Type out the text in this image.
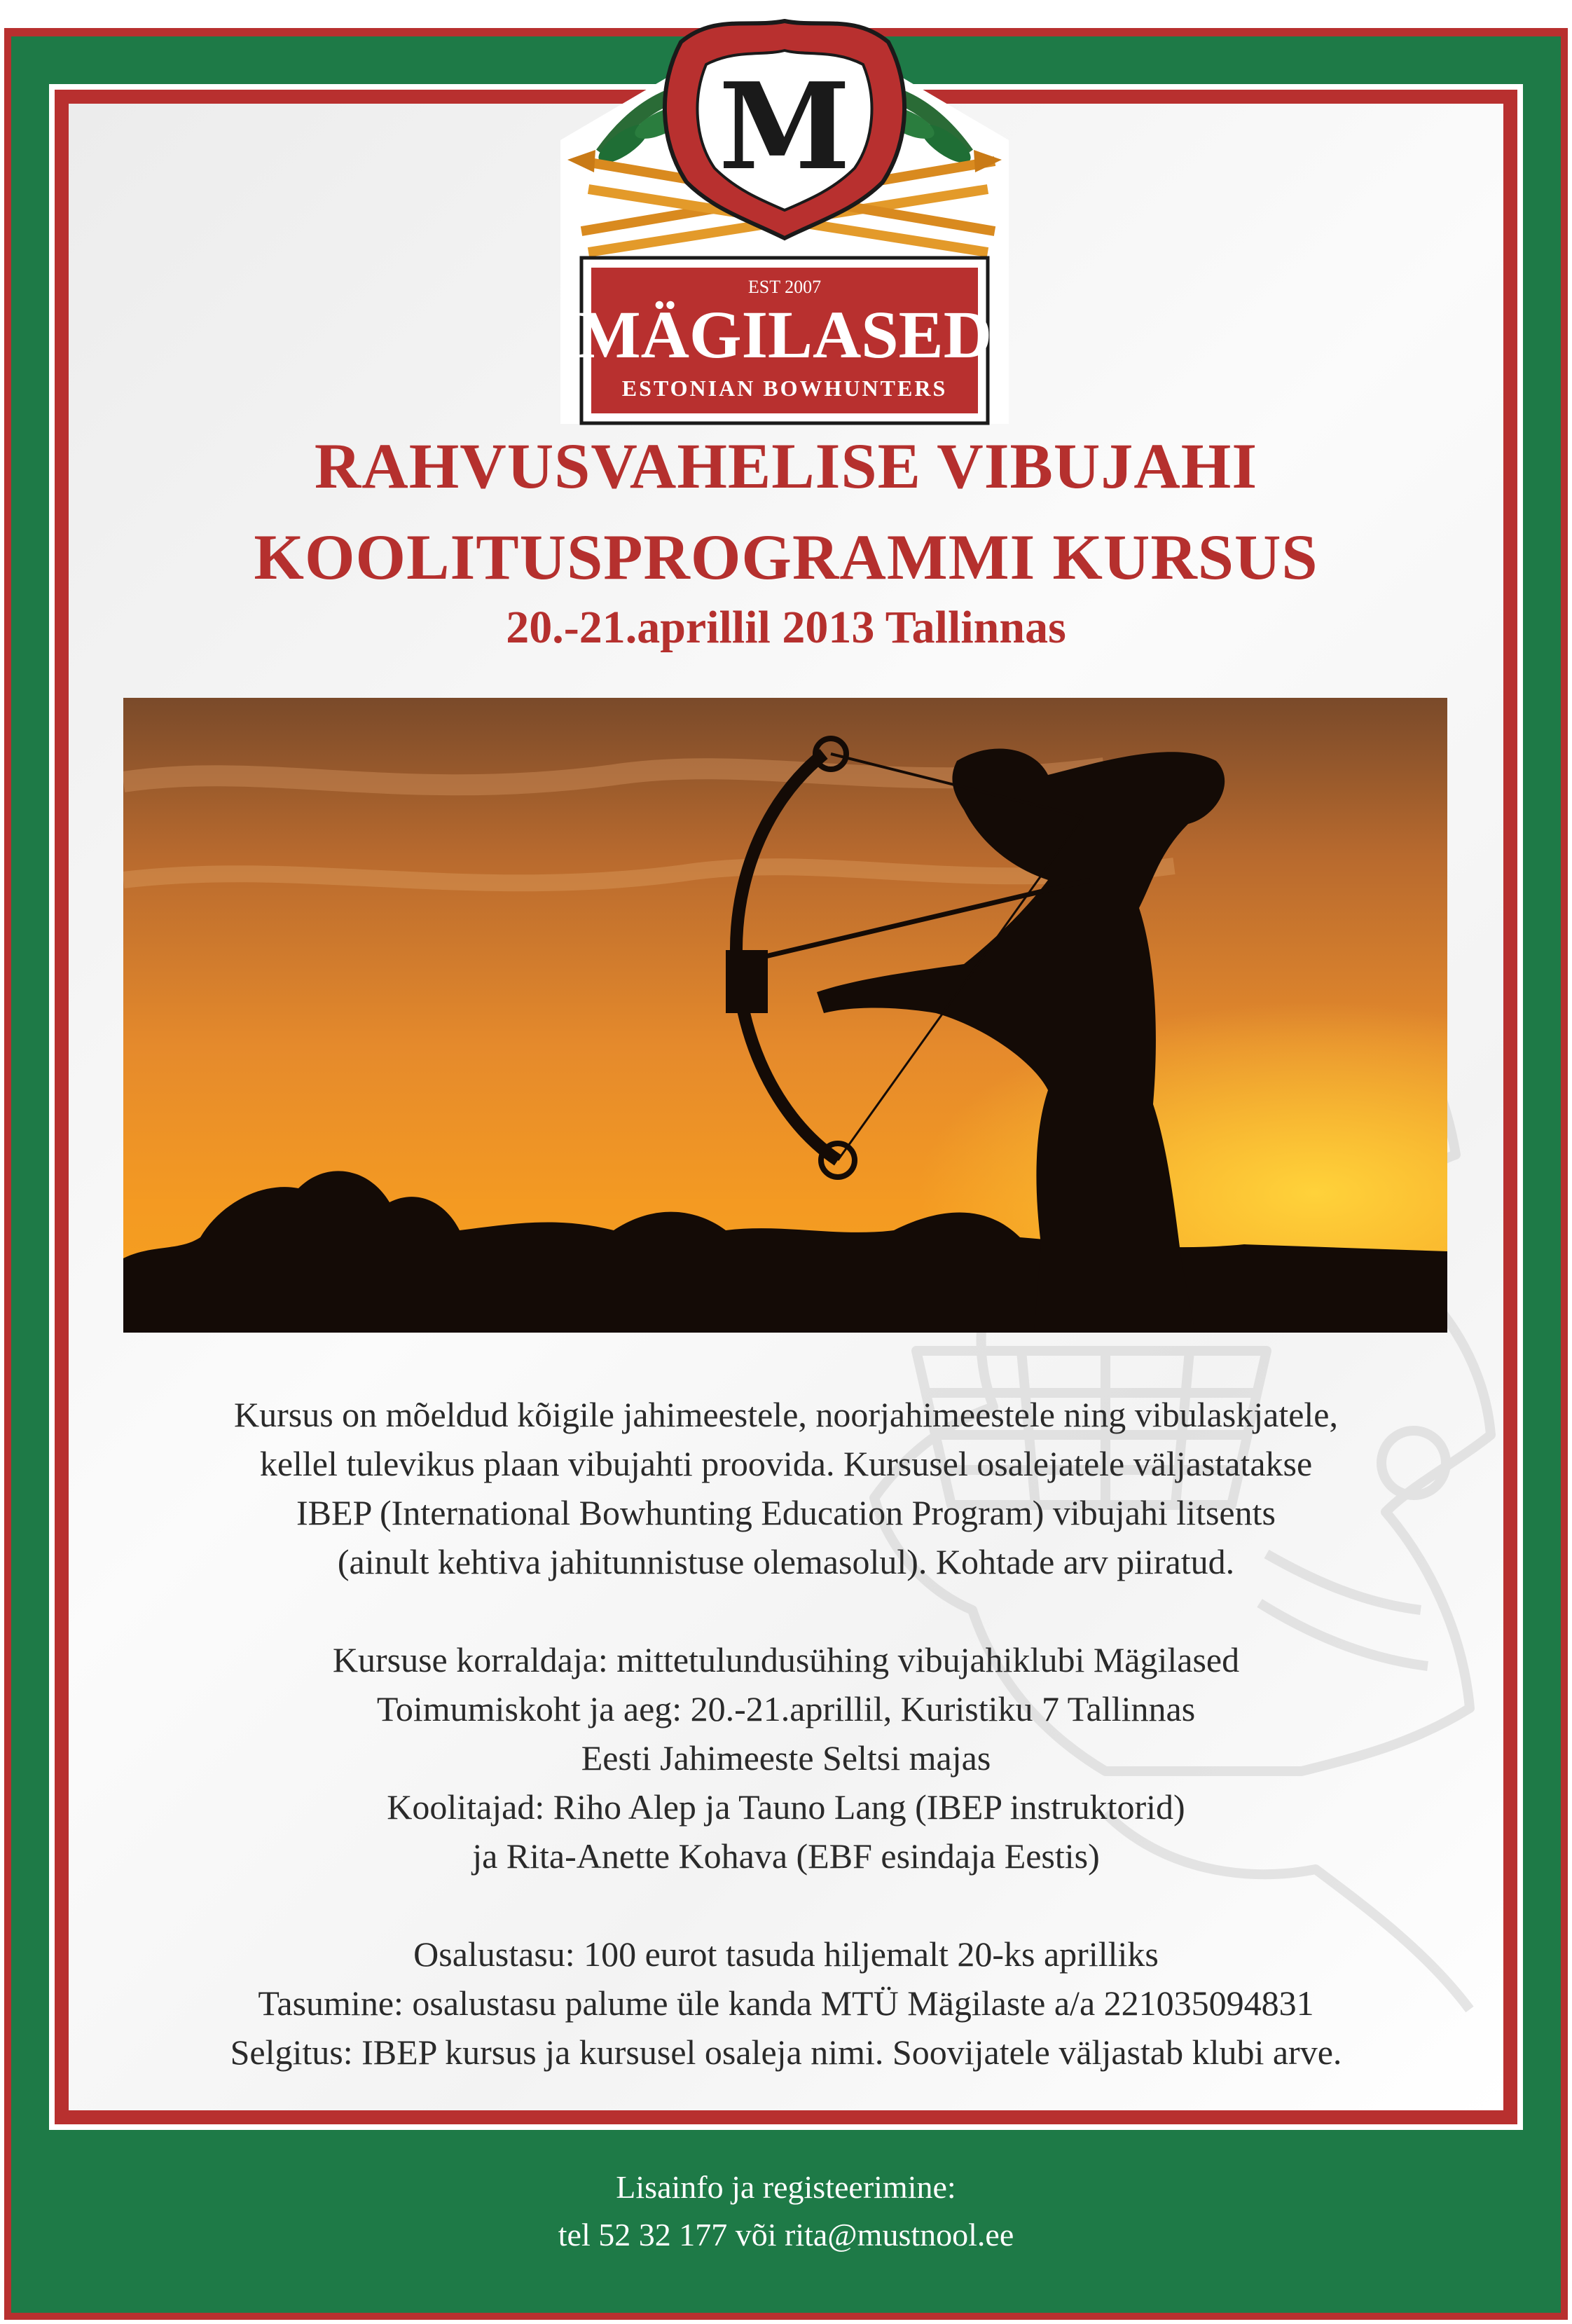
M
EST 2007
MÄGILASED
ESTONIAN BOWHUNTERS
RAHVUSVAHELISE VIBUJAHI
KOOLITUSPROGRAMMI KURSUS
20.-21.aprillil 2013 Tallinnas
Kursus on mõeldud kõigile jahimeestele, noorjahimeestele ning vibulaskjatele,
kellel tulevikus plaan vibujahti proovida. Kursusel osalejatele väljastatakse
IBEP (International Bowhunting Education Program) vibujahi litsents
(ainult kehtiva jahitunnistuse olemasolul). Kohtade arv piiratud.
Kursuse korraldaja: mittetulundusühing vibujahiklubi Mägilased
Toimumiskoht ja aeg: 20.-21.aprillil, Kuristiku 7 Tallinnas
Eesti Jahimeeste Seltsi majas
Koolitajad: Riho Alep ja Tauno Lang (IBEP instruktorid)
ja Rita-Anette Kohava (EBF esindaja Eestis)
Osalustasu: 100 eurot tasuda hiljemalt 20-ks aprilliks
Tasumine: osalustasu palume üle kanda MTÜ Mägilaste a/a 221035094831
Selgitus: IBEP kursus ja kursusel osaleja nimi. Soovijatele väljastab klubi arve.
Lisainfo ja registeerimine:
tel 52 32 177 või rita@mustnool.ee
